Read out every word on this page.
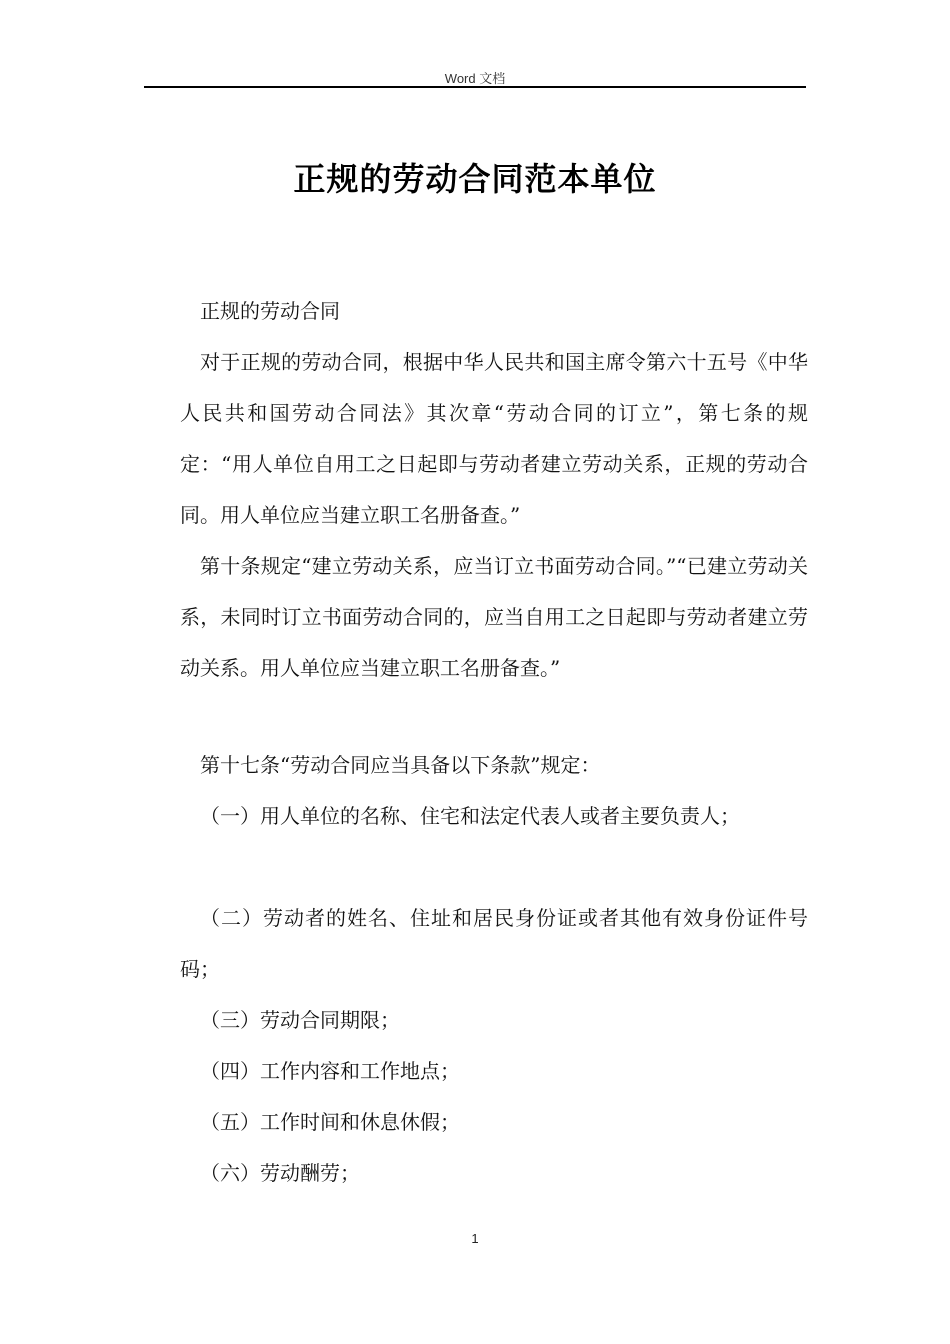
Word 文档
正规的劳动合同范本单位

正规的劳动合同

对于正规的劳动合同，根据中华人民共和国主席令第六十五号《中华人民共和国劳动合同法》其次章“劳动合同的订立”，第七条的规定：“用人单位自用工之日起即与劳动者建立劳动关系，正规的劳动合同。用人单位应当建立职工名册备查。”

第十条规定“建立劳动关系，应当订立书面劳动合同。”“已建立劳动关系，未同时订立书面劳动合同的，应当自用工之日起即与劳动者建立劳动关系。用人单位应当建立职工名册备查。”

第十七条“劳动合同应当具备以下条款”规定：

（一）用人单位的名称、住宅和法定代表人或者主要负责人；

（二）劳动者的姓名、住址和居民身份证或者其他有效身份证件号码；

（三）劳动合同期限；

（四）工作内容和工作地点；

（五）工作时间和休息休假；

（六）劳动酬劳；

1
